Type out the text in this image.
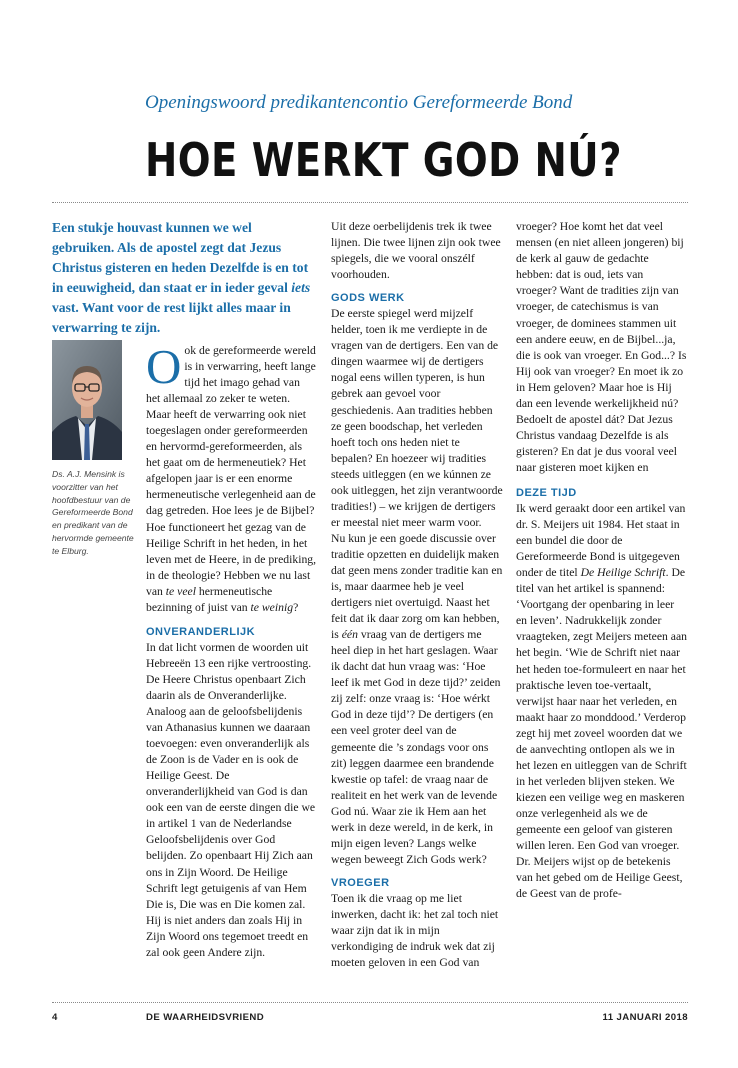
Openingswoord predikantencontio Gereformeerde Bond
HOE WERKT GOD NÚ?
Een stukje houvast kunnen we wel gebruiken. Als de apostel zegt dat Jezus Christus gisteren en heden Dezelfde is en tot in eeuwigheid, dan staat er in ieder geval iets vast. Want voor de rest lijkt alles maar in verwarring te zijn.
Ds. A.J. Mensink is voorzitter van het hoofdbestuur van de Gereformeerde Bond en predikant van de hervormde gemeente te Elburg.
O ok de gereformeerde wereld is in verwarring, heeft lange tijd het imago gehad van het allemaal zo zeker te weten. Maar heeft de verwarring ook niet toegeslagen onder gereformeerden en hervormd-gereformeerden, als het gaat om de hermeneutiek? Het afgelopen jaar is er een enorme hermeneutische verlegenheid aan de dag getreden. Hoe lees je de Bijbel? Hoe functioneert het gezag van de Heilige Schrift in het heden, in het leven met de Heere, in de prediking, in de theologie? Hebben we nu last van te veel hermeneutische bezinning of juist van te weinig?

ONVERANDERLIJK

In dat licht vormen de woorden uit Hebreeën 13 een rijke vertroosting. De Heere Christus openbaart Zich daarin als de Onveranderlijke. Analoog aan de geloofsbelijdenis van Athanasius kunnen we daaraan toevoegen: even onveranderlijk als de Zoon is de Vader en is ook de Heilige Geest. De onveranderlijkheid van God is dan ook een van de eerste dingen die we in artikel 1 van de Nederlandse Geloofsbelijdenis over God belijden. Zo openbaart Hij Zich aan ons in Zijn Woord. De Heilige Schrift legt getuigenis af van Hem Die is, Die was en Die komen zal. Hij is niet anders dan zoals Hij in Zijn Woord ons tegemoet treedt en zal ook geen Andere zijn.

Uit deze oerbelijdenis trek ik twee lijnen. Die twee lijnen zijn ook twee spiegels, die we vooral onszélf voorhouden.

GODS WERK

De eerste spiegel werd mijzelf helder, toen ik me verdiepte in de vragen van de dertigers. Een van de dingen waarmee wij de dertigers nogal eens willen typeren, is hun gebrek aan gevoel voor geschiedenis. Aan tradities hebben ze geen boodschap, het verleden hoeft toch ons heden niet te bepalen? En hoezeer wij tradities steeds uitleggen (en we kúnnen ze ook uitleggen, het zijn verantwoorde tradities!) – we krijgen de dertigers er meestal niet meer warm voor.

Nu kun je een goede discussie over traditie opzetten en duidelijk maken dat geen mens zonder traditie kan en is, maar daarmee heb je veel dertigers niet overtuigd. Naast het feit dat ik daar zorg om kan hebben, is één vraag van de dertigers me heel diep in het hart geslagen. Waar ik dacht dat hun vraag was: ‘Hoe leef ik met God in deze tijd?’ zeiden zij zelf: onze vraag is: ‘Hoe wérkt God in deze tijd’? De dertigers (en een veel groter deel van de gemeente die ’s zondags voor ons zit) leggen daarmee een brandende kwestie op tafel: de vraag naar de realiteit en het werk van de levende God nú. Waar zie ik Hem aan het werk in deze wereld, in de kerk, in mijn eigen leven? Langs welke wegen beweegt Zich Gods werk?

VROEGER

Toen ik die vraag op me liet inwerken, dacht ik: het zal toch niet waar zijn dat ik in mijn verkondiging de indruk wek dat zij moeten geloven in een God van

vroeger? Hoe komt het dat veel mensen (en niet alleen jongeren) bij de kerk al gauw de gedachte hebben: dat is oud, iets van vroeger? Want de tradities zijn van vroeger, de catechismus is van vroeger, de dominees stammen uit een andere eeuw, en de Bijbel...ja, die is ook van vroeger. En God...? Is Hij ook van vroeger? En moet ik zo in Hem geloven? Maar hoe is Hij dan een levende werkelijkheid nú? Bedoelt de apostel dát? Dat Jezus Christus vandaag Dezelfde is als gisteren? En dat je dus vooral veel naar gisteren moet kijken en

DEZE TIJD

Ik werd geraakt door een artikel van dr. S. Meijers uit 1984. Het staat in een bundel die door de Gereformeerde Bond is uitgegeven onder de titel De Heilige Schrift. De titel van het artikel is spannend: ‘Voortgang der openbaring in leer en leven’. Nadrukkelijk zonder vraagteken, zegt Meijers meteen aan het begin. ‘Wie de Schrift niet naar het heden toe-formuleert en naar het praktische leven toe-vertaalt, verwijst haar naar het verleden, en maakt haar zo monddood.’ Verderop zegt hij met zoveel woorden dat we de aanvechting ontlopen als we in het lezen en uitleggen van de Schrift in het verleden blijven steken. We kiezen een veilige weg en maskeren onze verlegenheid als we de gemeente een geloof van gisteren willen leren. Een God van vroeger. Dr. Meijers wijst op de betekenis van het gebed om de Heilige Geest, de Geest van de profe-

4	DE WAARHEIDSVRIEND	11 JANUARI 2018
